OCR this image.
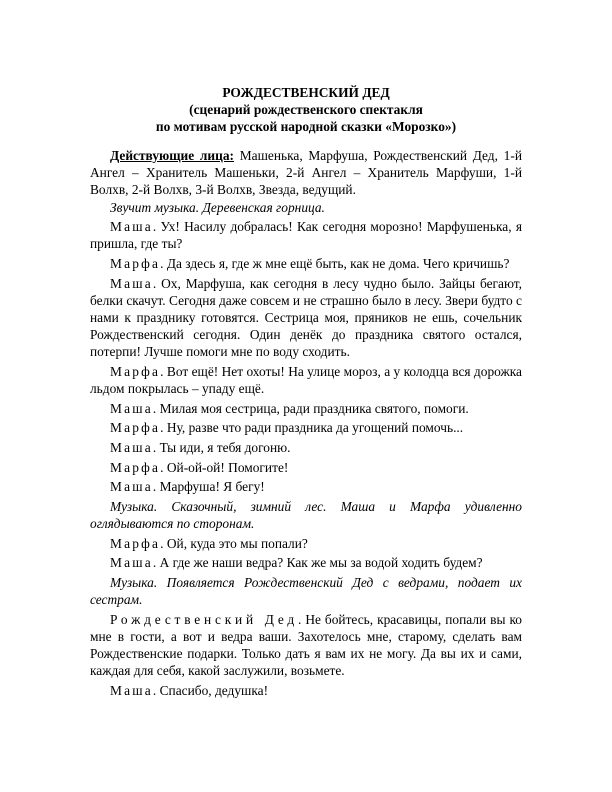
РОЖДЕСТВЕНСКИЙ ДЕД
(сценарий рождественского спектакля
по мотивам русской народной сказки «Морозко»)

Действующие лица: Машенька, Марфуша, Рождественский Дед, 1-й Ангел – Хранитель Машеньки, 2-й Ангел – Хранитель Марфуши, 1-й Волхв, 2-й Волхв, 3-й Волхв, Звезда, ведущий.

Звучит музыка. Деревенская горница.

Маша. Ух! Насилу добралась! Как сегодня морозно! Марфушенька, я пришла, где ты?

Марфа. Да здесь я, где ж мне ещё быть, как не дома. Чего кричишь?

Маша. Ох, Марфуша, как сегодня в лесу чудно было. Зайцы бегают, белки скачут. Сегодня даже совсем и не страшно было в лесу. Звери будто с нами к празднику готовятся. Сестрица моя, пряников не ешь, сочельник Рождественский сегодня. Один денёк до праздника святого остался, потерпи! Лучше помоги мне по воду сходить.

Марфа. Вот ещё! Нет охоты! На улице мороз, а у колодца вся дорожка льдом покрылась – упаду ещё.

Маша. Милая моя сестрица, ради праздника святого, помоги.

Марфа. Ну, разве что ради праздника да угощений помочь...

Маша. Ты иди, я тебя догоню.

Марфа. Ой-ой-ой! Помогите!

Маша. Марфуша! Я бегу!

Музыка. Сказочный, зимний лес. Маша и Марфа удивленно оглядываются по сторонам.

Марфа. Ой, куда это мы попали?

Маша. А где же наши ведра? Как же мы за водой ходить будем?

Музыка. Появляется Рождественский Дед с ведрами, подает их сестрам.

Рождественский Дед. Не бойтесь, красавицы, попали вы ко мне в гости, а вот и ведра ваши. Захотелось мне, старому, сделать вам Рождественские подарки. Только дать я вам их не могу. Да вы их и сами, каждая для себя, какой заслужили, возьмете.

Маша. Спасибо, дедушка!
